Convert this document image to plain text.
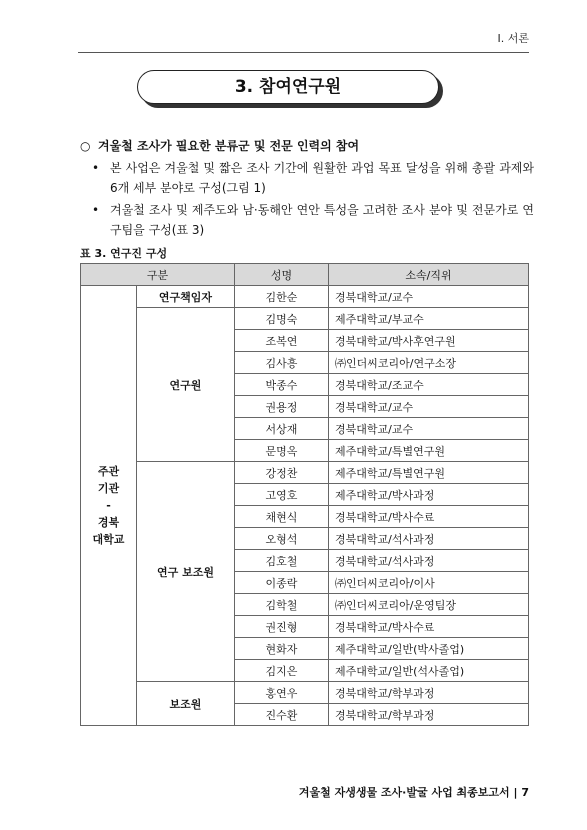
Ⅰ. 서론
3. 참여연구원
○ 겨울철 조사가 필요한 분류군 및 전문 인력의 참여
• 본 사업은 겨울철 및 짧은 조사 기간에 원활한 과업 목표 달성을 위해 총괄 과제와 6개 세부 분야로 구성(그림 1)
• 겨울철 조사 및 제주도와 남·동해안 연안 특성을 고려한 조사 분야 및 전문가로 연구팀을 구성(표 3)
표 3. 연구진 구성
구분		성명	소속/직위
주관
기관
-
경북
대학교	연구책임자	김한순	경북대학교/교수
	연구원	김명숙	제주대학교/부교수
		조복연	경북대학교/박사후연구원
		김사흥	㈜인더씨코리아/연구소장
		박종수	경북대학교/조교수
		권용정	경북대학교/교수
		서상재	경북대학교/교수
		문명옥	제주대학교/특별연구원
	연구 보조원	강정찬	제주대학교/특별연구원
		고영호	제주대학교/박사과정
		채현식	경북대학교/박사수료
		오형석	경북대학교/석사과정
		김호철	경북대학교/석사과정
		이종락	㈜인더씨코리아/이사
		김학철	㈜인더씨코리아/운영팀장
		권진형	경북대학교/박사수료
		현화자	제주대학교/일반(박사졸업)
		김지은	제주대학교/일반(석사졸업)
	보조원	홍연우	경북대학교/학부과정
		진수환	경북대학교/학부과정
겨울철 자생생물 조사·발굴 사업 최종보고서 | 7
